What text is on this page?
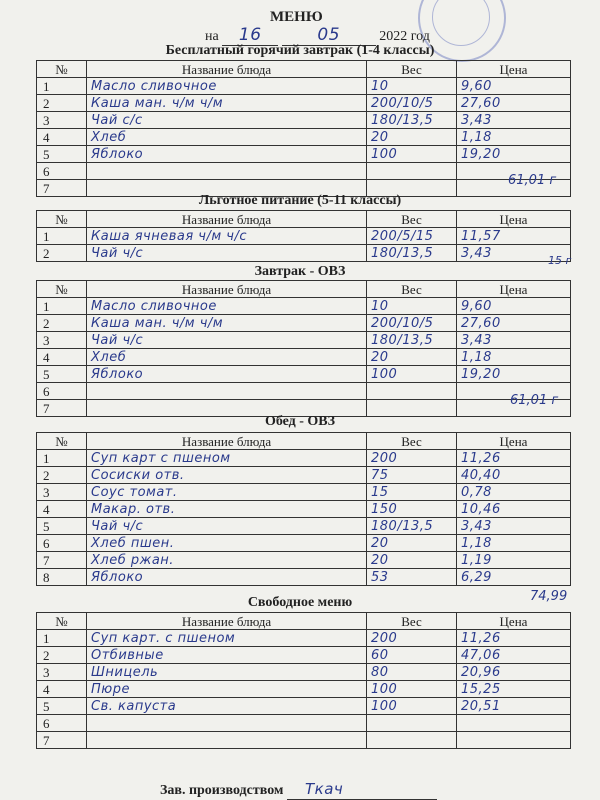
МЕНЮ
на 16	05	2022 год
Бесплатный горячий завтрак (1-4 классы)
№	Название блюда	Вес	Цена
1	Масло сливочное	10	9,60
2	Каша ман. ч/м ч/м	200/10/5	27,60
3	Чай с/с	180/13,5	3,43
4	Хлеб	20	1,18
5	Яблоко	100	19,20
6			
7				61,01 г
Льготное питание (5-11 классы)
№	Название блюда	Вес	Цена
1	Каша ячневая ч/м ч/с	200/5/15	11,57
2	Чай ч/с	180/13,5	3,43	15 г
Завтрак - ОВЗ
№	Название блюда	Вес	Цена
1	Масло сливочное	10	9,60
2	Каша ман. ч/м ч/м	200/10/5	27,60
3	Чай ч/с	180/13,5	3,43
4	Хлеб	20	1,18
5	Яблоко	100	19,20
6			
7				61,01 г
Обед - ОВЗ
№	Название блюда	Вес	Цена
1	Суп карт с пшеном	200	11,26
2	Сосиски отв.	75	40,40
3	Соус томат.	15	0,78
4	Макар. отв.	150	10,46
5	Чай ч/с	180/13,5	3,43
6	Хлеб пшен.	20	1,18
7	Хлеб ржан.	20	1,19
8	Яблоко	53	6,29
74,99
Свободное меню
№	Название блюда	Вес	Цена
1	Суп карт. с пшеном	200	11,26
2	Отбивные	60	47,06
3	Шницель	80	20,96
4	Пюре	100	15,25
5	Св. капуста	100	20,51
6			
7			
Зав. производством Ткач
